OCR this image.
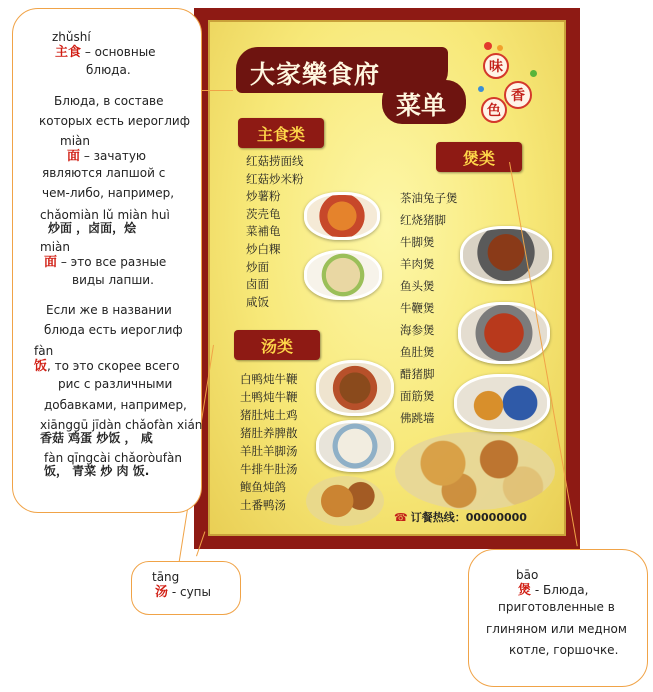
大家樂食府
菜单
味
香
色
主食类
红菇捞面线
红菇炒米粉
炒薯粉
茨壳龟
菜補龟
炒白粿
炒面
卤面
咸饭
煲类
茶油兔子煲
红烧猪脚
牛脚煲
羊肉煲
鱼头煲
牛鞭煲
海参煲
鱼肚煲
醋猪脚
面筋煲
佛跳墙
汤类
白鸭炖牛鞭
土鸭炖牛鞭
猪肚炖土鸡
猪肚养脾散
羊肚羊脚汤
牛排牛肚汤
鲍鱼炖鸽
土番鸭汤
☎ 订餐热线：00000000
zhǔshí
主食 – основные
блюда.
Блюда, в составе
которых есть иероглиф
miàn
面 – зачатую
являются лапшой с
чем-либо, например,
chǎomiàn lǔ miàn huì
炒面 ，卤面，烩
miàn
面 – это все разные
виды лапши.
Если же в названии
блюда есть иероглиф
fàn
饭, то это скорее всего
рис с различными
добавками, например,
xiānggū jīdàn chǎofàn xián
香菇 鸡蛋 炒饭 ， 咸
fàn qīngcài chǎoròufàn
饭， 青菜 炒 肉 饭.
tāng
汤 - супы
bāo
煲 - Блюда,
приготовленные в
глиняном или медном
котле, горшочке.
